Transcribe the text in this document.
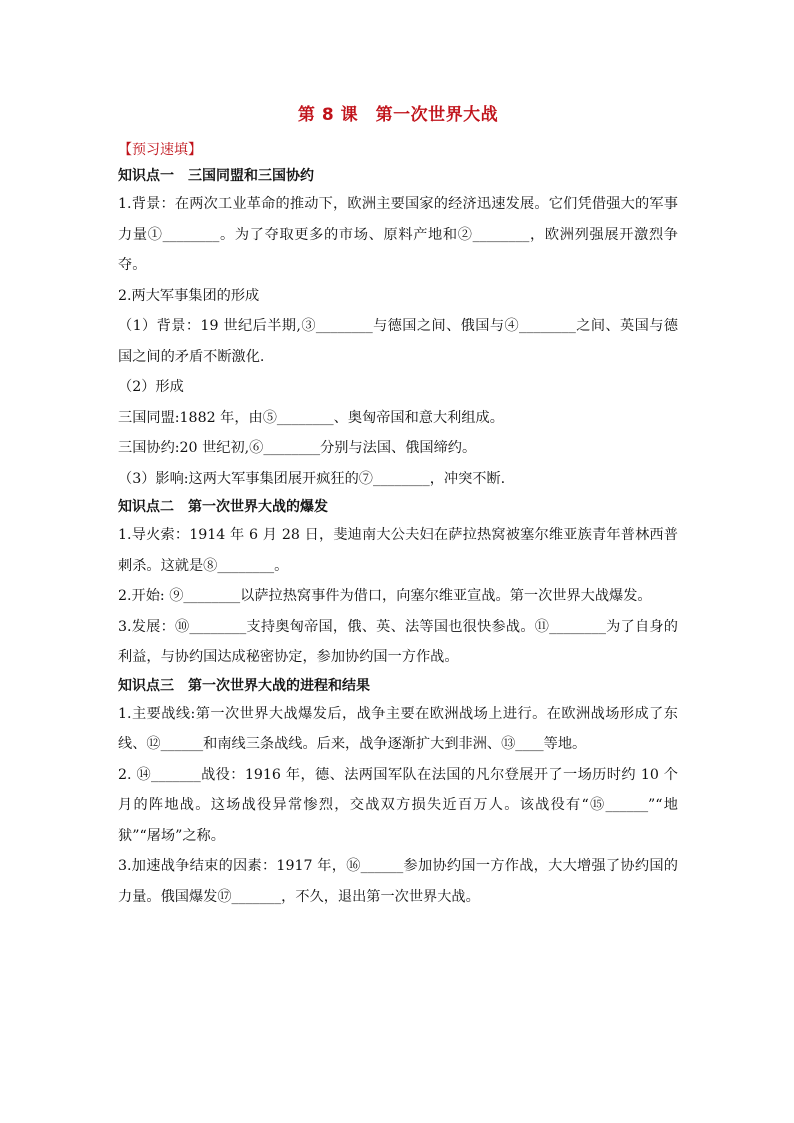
第 8 课　第一次世界大战
【预习速填】
知识点一　三国同盟和三国协约

1.背景：在两次工业革命的推动下，欧洲主要国家的经济迅速发展。它们凭借强大的军事力量①________。为了夺取更多的市场、原料产地和②________，欧洲列强展开激烈争夺。

2.两大军事集团的形成

（1）背景：19 世纪后半期,③________与德国之间、俄国与④________之间、英国与德国之间的矛盾不断激化.

（2）形成

三国同盟:1882 年，由⑤________、奥匈帝国和意大利组成。

三国协约:20 世纪初,⑥________分别与法国、俄国缔约。

（3）影响:这两大军事集团展开疯狂的⑦________，冲突不断.

知识点二　第一次世界大战的爆发

1.导火索：1914 年 6 月 28 日，斐迪南大公夫妇在萨拉热窝被塞尔维亚族青年普林西普刺杀。这就是⑧________。

2.开始: ⑨________以萨拉热窝事件为借口，向塞尔维亚宣战。第一次世界大战爆发。

3.发展：⑩________支持奥匈帝国，俄、英、法等国也很快参战。⑪________为了自身的利益，与协约国达成秘密协定，参加协约国一方作战。

知识点三　第一次世界大战的进程和结果

1.主要战线:第一次世界大战爆发后，战争主要在欧洲战场上进行。在欧洲战场形成了东线、⑫______和南线三条战线。后来，战争逐渐扩大到非洲、⑬____等地。

2. ⑭_______战役：1916 年，德、法两国军队在法国的凡尔登展开了一场历时约 10 个月的阵地战。这场战役异常惨烈，交战双方损失近百万人。该战役有“⑮______”“地狱”“屠场”之称。

3.加速战争结束的因素：1917 年，⑯______参加协约国一方作战，大大增强了协约国的力量。俄国爆发⑰_______，不久，退出第一次世界大战。
